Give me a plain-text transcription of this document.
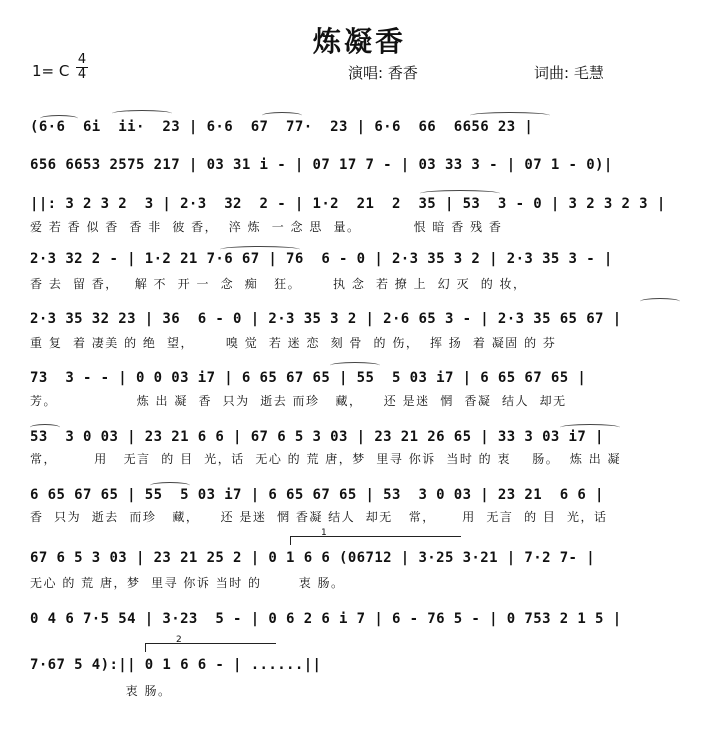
炼凝香
1= C
4
4	演唱: 香香	词曲: 毛慧
(6·6  6i  ii·  23 | 6·6  67  77·  23 | 6·6  66  6656 23 |
656 6653 2575 217 | 03 31 i - | 07 17 7 - | 03 33 3 - | 07 1 - 0)|
||: 3 2 3 2  3 | 2·3  32  2 - | 1·2  21  2  35 | 53  3 - 0 | 3 2 3 2 3 |
爱 若 香 似 香  香 非  彼 香，  淬 炼  一 念 思  量。          恨 暗 香 残 香
2·3 32 2 - | 1·2 21 7·6 67 | 76  6 - 0 | 2·3 35 3 2 | 2·3 35 3 - |
香 去  留 香，   解 不  开 一  念  痴   狂。      执 念  若 撩 上  幻 灭  的 妆，
2·3 35 32 23 | 36  6 - 0 | 2·3 35 3 2 | 2·6 65 3 - | 2·3 35 65 67 |
重 复  着 凄美 的 绝  望，      嗅 觉  若 迷 恋  刻 骨  的 伤，  挥 扬  着 凝固 的 芬
73  3 - - | 0 0 03 i7 | 6 65 67 65 | 55  5 03 i7 | 6 65 67 65 |
芳。               炼 出 凝  香  只为  逝去 而珍   藏，    还 是迷  惘  香凝  结人  却无
53  3 0 03 | 23 21 6 6 | 67 6 5 3 03 | 23 21 26 65 | 33 3 03 i7 |
常，       用   无言  的 目  光，话  无心 的 荒 唐，梦  里寻 你诉  当时 的 衷    肠。  炼 出 凝
6 65 67 65 | 55  5 03 i7 | 6 65 67 65 | 53  3 0 03 | 23 21  6 6 |
香  只为  逝去  而珍   藏，    还 是迷  惘 香凝 结人  却无   常，     用  无言  的 目  光，话
1
67 6 5 3 03 | 23 21 25 2 | 0 1 6 6 (06712 | 3·25 3·21 | 7·2 7- |
无心 的 荒 唐，梦  里寻 你诉 当时 的       衷 肠。
0 4 6 7·5 54 | 3·23  5 - | 0 6 2 6 i 7 | 6 - 76 5 - | 0 753 2 1 5 |
2
7·67 5 4):|| 0 1 6 6 - | ......||
衷 肠。
